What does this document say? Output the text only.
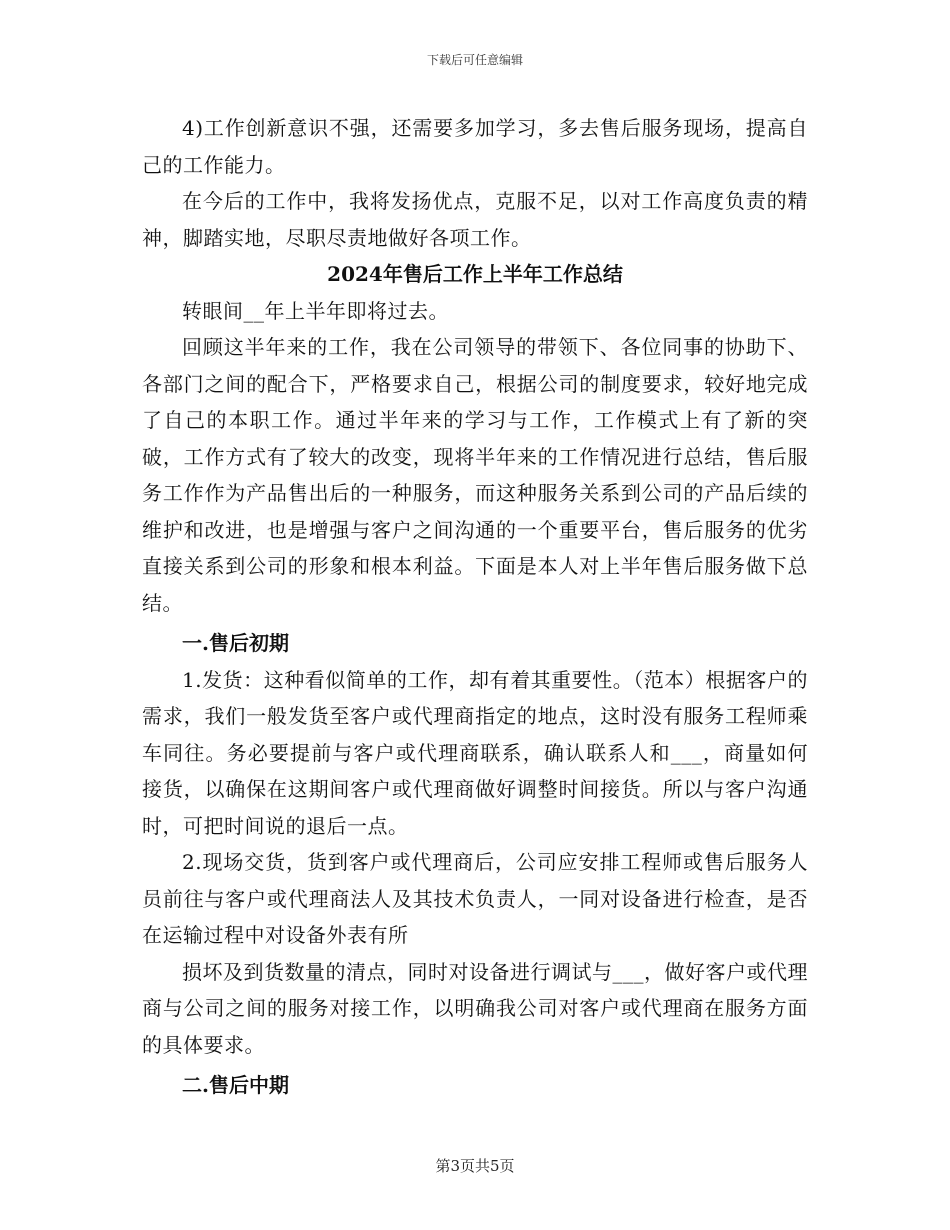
下载后可任意编辑

4)工作创新意识不强，还需要多加学习，多去售后服务现场，提高自己的工作能力。

在今后的工作中，我将发扬优点，克服不足，以对工作高度负责的精神，脚踏实地，尽职尽责地做好各项工作。

2024年售后工作上半年工作总结

转眼间__年上半年即将过去。

回顾这半年来的工作，我在公司领导的带领下、各位同事的协助下、各部门之间的配合下，严格要求自己，根据公司的制度要求，较好地完成了自己的本职工作。通过半年来的学习与工作，工作模式上有了新的突破，工作方式有了较大的改变，现将半年来的工作情况进行总结，售后服务工作作为产品售出后的一种服务，而这种服务关系到公司的产品后续的维护和改进，也是增强与客户之间沟通的一个重要平台，售后服务的优劣直接关系到公司的形象和根本利益。下面是本人对上半年售后服务做下总结。

一.售后初期

1.发货：这种看似简单的工作，却有着其重要性。（范本）根据客户的需求，我们一般发货至客户或代理商指定的地点，这时没有服务工程师乘车同往。务必要提前与客户或代理商联系，确认联系人和___，商量如何接货，以确保在这期间客户或代理商做好调整时间接货。所以与客户沟通时，可把时间说的退后一点。

2.现场交货，货到客户或代理商后，公司应安排工程师或售后服务人员前往与客户或代理商法人及其技术负责人，一同对设备进行检查，是否在运输过程中对设备外表有所

损坏及到货数量的清点，同时对设备进行调试与___，做好客户或代理商与公司之间的服务对接工作，以明确我公司对客户或代理商在服务方面的具体要求。

二.售后中期

第3页共5页
